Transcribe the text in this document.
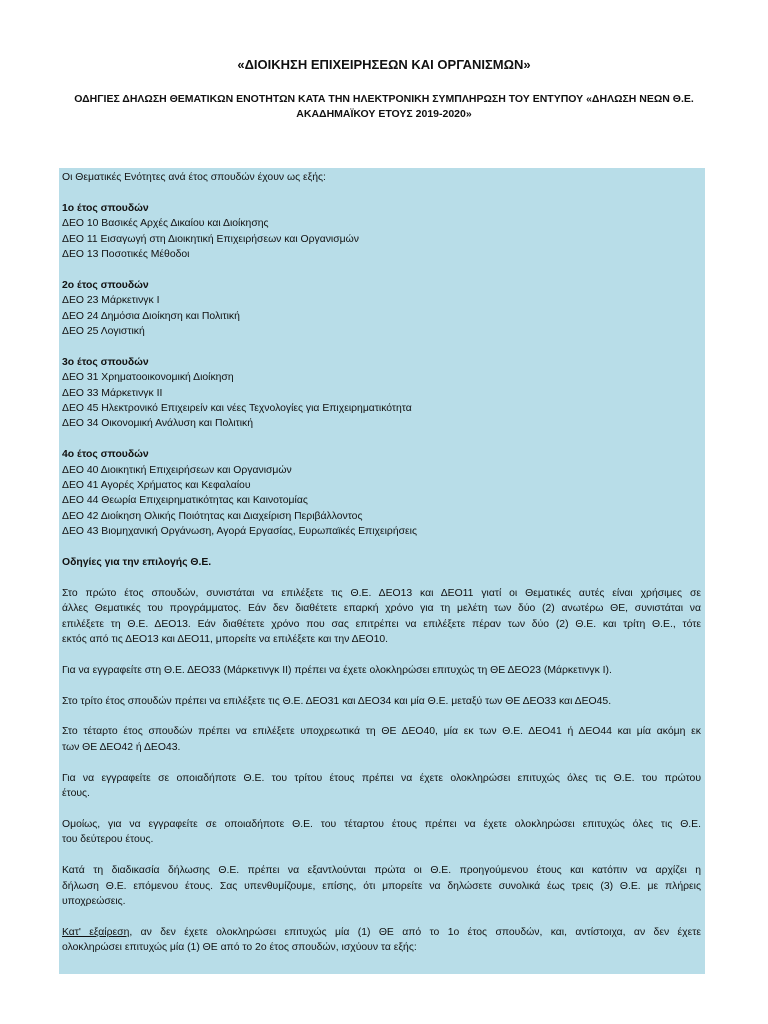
«ΔΙΟΙΚΗΣΗ ΕΠΙΧΕΙΡΗΣΕΩΝ ΚΑΙ ΟΡΓΑΝΙΣΜΩΝ»
ΟΔΗΓΙΕΣ ΔΗΛΩΣΗ ΘΕΜΑΤΙΚΩΝ ΕΝΟΤΗΤΩΝ ΚΑΤΑ ΤΗΝ ΗΛΕΚΤΡΟΝΙΚΗ ΣΥΜΠΛΗΡΩΣΗ ΤΟΥ ΕΝΤΥΠΟΥ «ΔΗΛΩΣΗ ΝΕΩΝ Θ.Ε.
ΑΚΑΔΗΜΑΪΚΟΥ ΕΤΟΥΣ 2019-2020»
Οι Θεματικές Ενότητες ανά έτος σπουδών έχουν ως εξής:
1ο έτος σπουδών
ΔΕΟ 10 Βασικές Αρχές Δικαίου και Διοίκησης
ΔΕΟ 11 Εισαγωγή στη Διοικητική Επιχειρήσεων και Οργανισμών
ΔΕΟ 13 Ποσοτικές Μέθοδοι
2ο έτος σπουδών
ΔΕΟ 23 Μάρκετινγκ Ι
ΔΕΟ 24 Δημόσια Διοίκηση και Πολιτική
ΔΕΟ 25 Λογιστική
3ο έτος σπουδών
ΔΕΟ 31 Χρηματοοικονομική Διοίκηση
ΔΕΟ 33 Μάρκετινγκ ΙΙ
ΔΕΟ 45 Ηλεκτρονικό Επιχειρείν και νέες Τεχνολογίες για Επιχειρηματικότητα
ΔΕΟ 34 Οικονομική Ανάλυση και Πολιτική
4ο έτος σπουδών
ΔΕΟ 40 Διοικητική Επιχειρήσεων και Οργανισμών
ΔΕΟ 41 Αγορές Χρήματος και Κεφαλαίου
ΔΕΟ 44 Θεωρία Επιχειρηματικότητας και Καινοτομίας
ΔΕΟ 42 Διοίκηση Ολικής Ποιότητας και Διαχείριση Περιβάλλοντος
ΔΕΟ 43 Βιομηχανική Οργάνωση, Αγορά Εργασίας, Ευρωπαϊκές Επιχειρήσεις
Οδηγίες για την επιλογής Θ.Ε.
Στο πρώτο έτος σπουδών, συνιστάται να επιλέξετε τις Θ.Ε. ΔΕΟ13 και ΔΕΟ11 γιατί οι Θεματικές αυτές είναι χρήσιμες σε
άλλες Θεματικές του προγράμματος. Εάν δεν διαθέτετε επαρκή χρόνο για τη μελέτη των δύο (2) ανωτέρω ΘΕ, συνιστάται να
επιλέξετε τη Θ.Ε. ΔΕΟ13. Εάν διαθέτετε χρόνο που σας επιτρέπει να επιλέξετε πέραν των δύο (2) Θ.Ε. και τρίτη Θ.Ε., τότε
εκτός από τις ΔΕΟ13 και ΔΕΟ11, μπορείτε να επιλέξετε και την ΔΕΟ10.
Για να εγγραφείτε στη Θ.Ε. ΔΕΟ33 (Μάρκετινγκ ΙΙ) πρέπει να έχετε ολοκληρώσει επιτυχώς τη ΘΕ ΔΕΟ23 (Μάρκετινγκ Ι).
Στο τρίτο έτος σπουδών πρέπει να επιλέξετε τις Θ.Ε. ΔΕΟ31 και ΔΕΟ34 και μία Θ.Ε. μεταξύ των ΘΕ ΔΕΟ33 και ΔΕΟ45.
Στο τέταρτο έτος σπουδών πρέπει να επιλέξετε υποχρεωτικά τη ΘΕ ΔΕΟ40, μία εκ των Θ.Ε. ΔΕΟ41 ή ΔΕΟ44 και μία ακόμη εκ
των ΘΕ ΔΕΟ42 ή ΔΕΟ43.
Για να εγγραφείτε σε οποιαδήποτε Θ.Ε. του τρίτου έτους πρέπει να έχετε ολοκληρώσει επιτυχώς όλες τις Θ.Ε. του πρώτου
έτους.
Ομοίως, για να εγγραφείτε σε οποιαδήποτε Θ.Ε. του τέταρτου έτους πρέπει να έχετε ολοκληρώσει επιτυχώς όλες τις Θ.Ε.
του δεύτερου έτους.
Κατά τη διαδικασία δήλωσης Θ.Ε. πρέπει να εξαντλούνται πρώτα οι Θ.Ε. προηγούμενου έτους και κατόπιν να αρχίζει η
δήλωση Θ.Ε. επόμενου έτους. Σας υπενθυμίζουμε, επίσης, ότι μπορείτε να δηλώσετε συνολικά έως τρεις (3) Θ.Ε. με πλήρεις
υποχρεώσεις.
Κατ' εξαίρεση, αν δεν έχετε ολοκληρώσει επιτυχώς μία (1) ΘΕ από το 1ο έτος σπουδών, και, αντίστοιχα, αν δεν έχετε
ολοκληρώσει επιτυχώς μία (1) ΘΕ από το 2ο έτος σπουδών, ισχύουν τα εξής:
